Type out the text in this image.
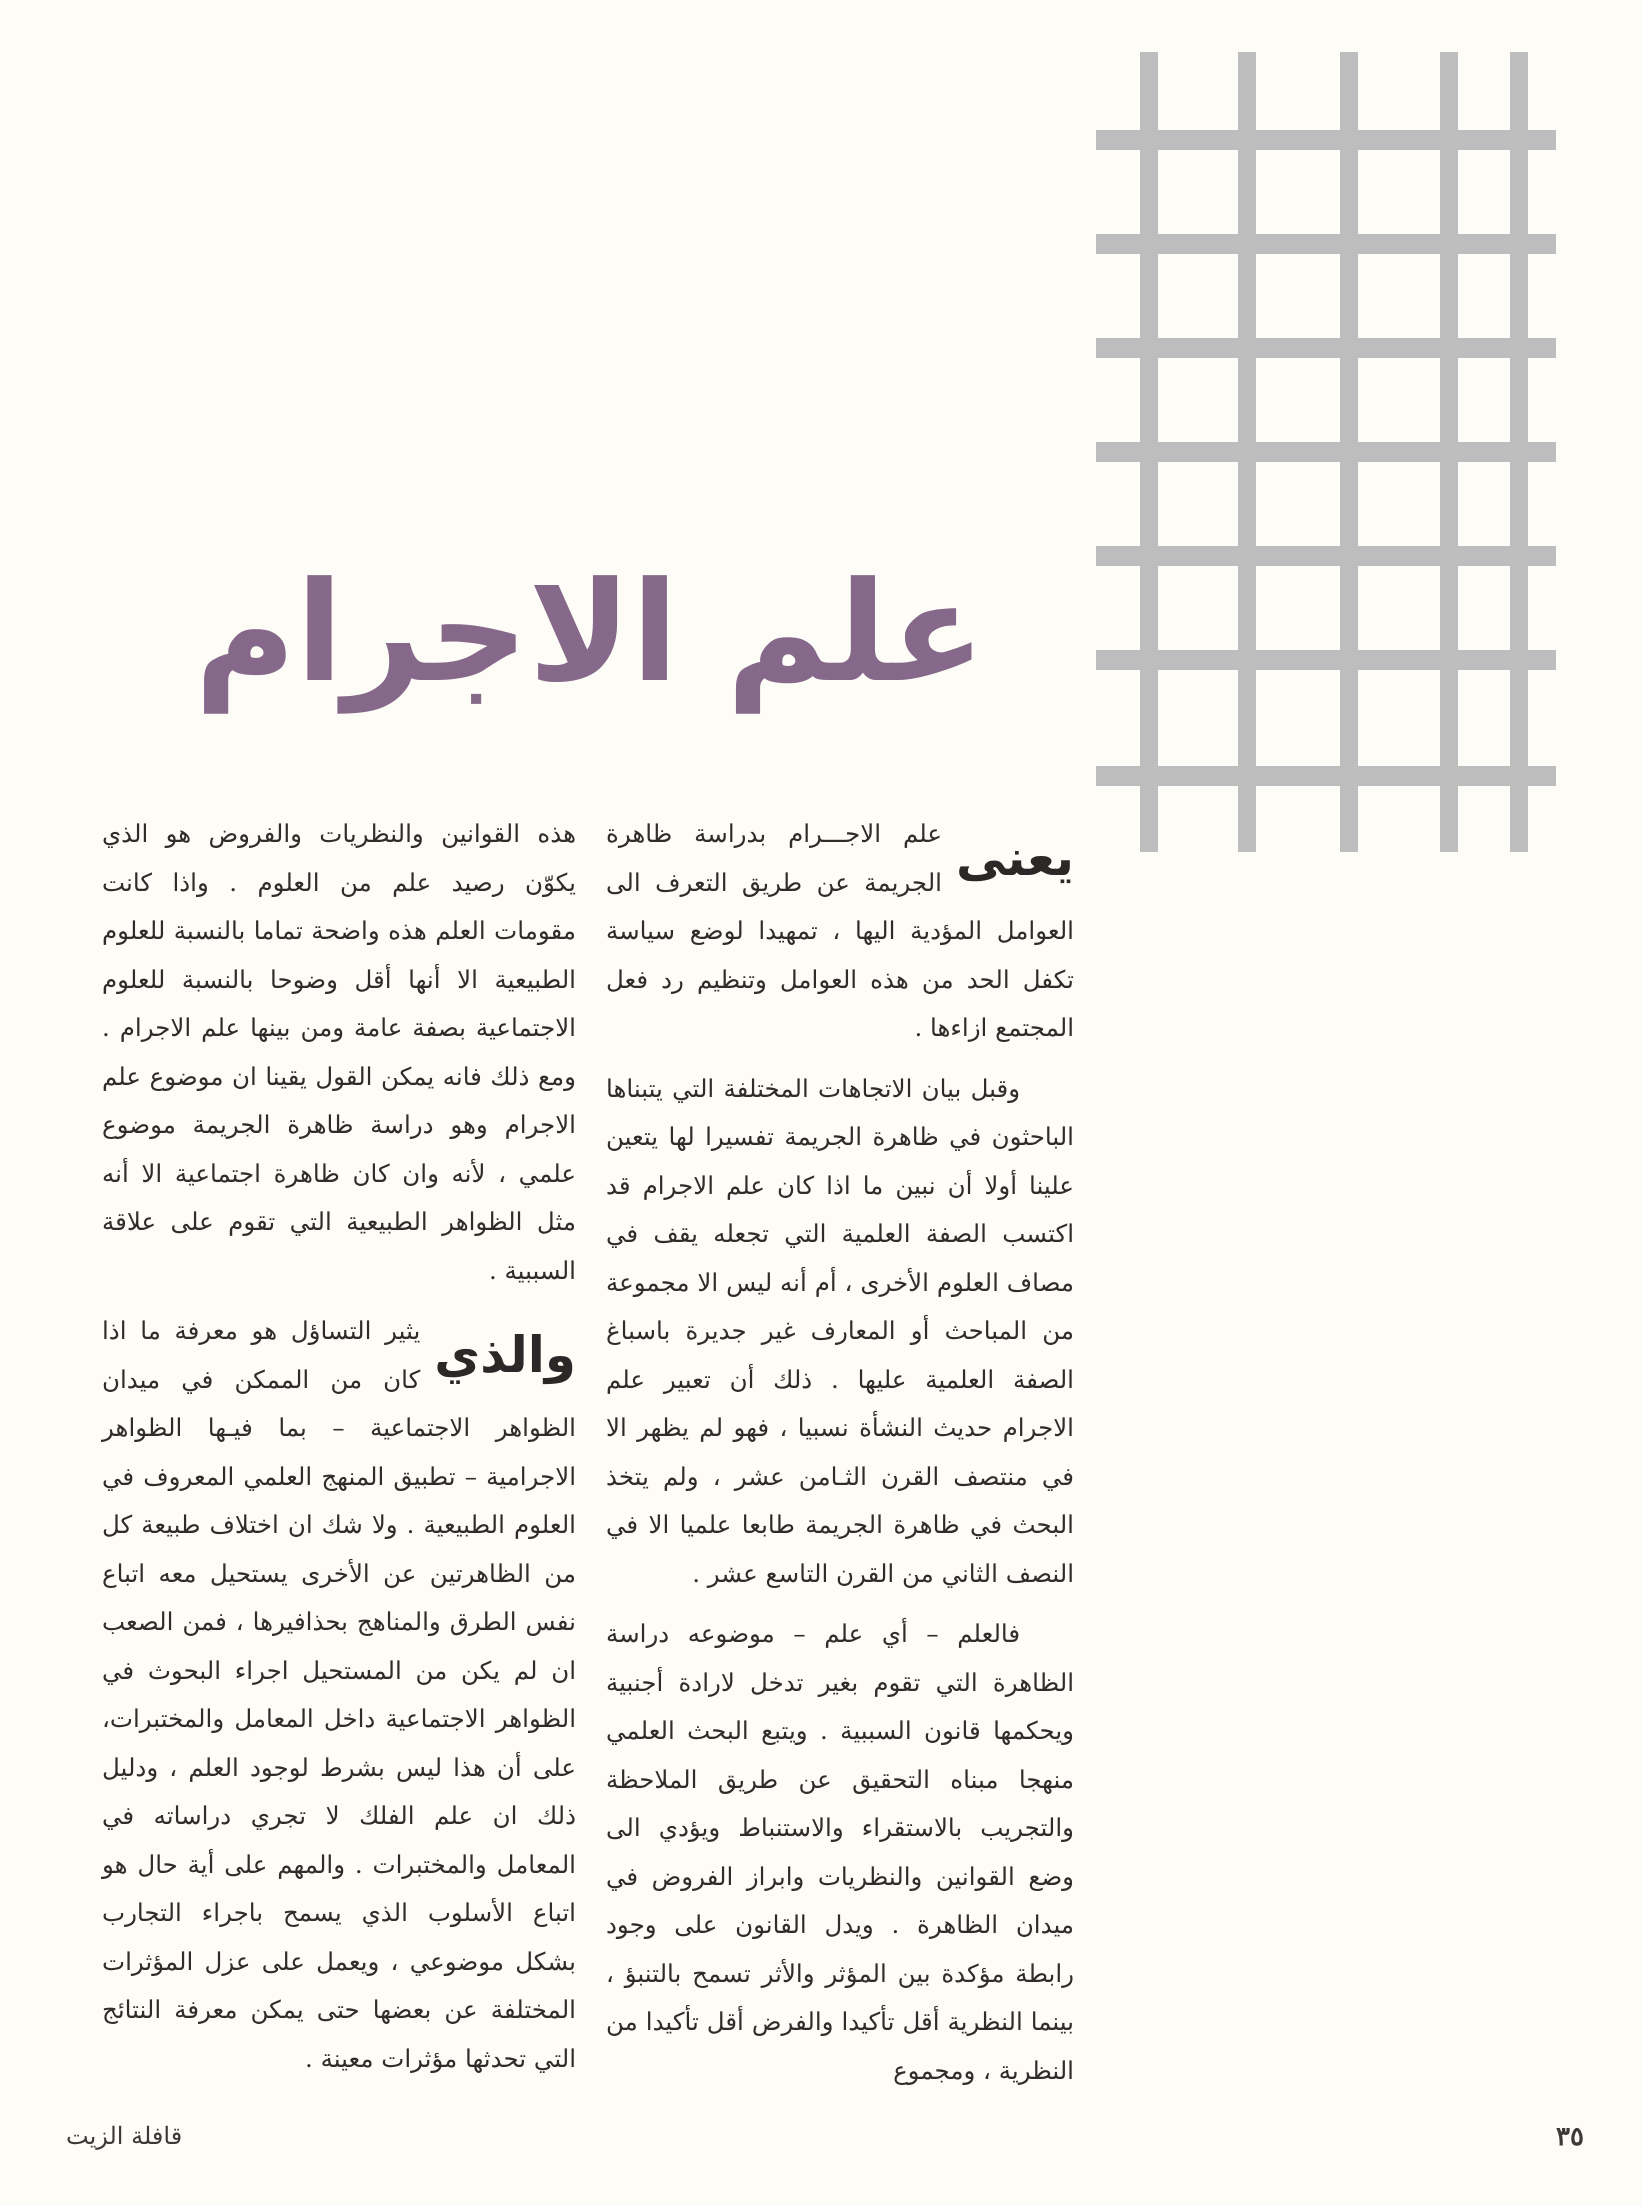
علم الاجرام

يعنى
علم الاجـــرام بدراسة ظاهرة الجريمة عن طريق التعرف الى العوامل المؤدية اليها ، تمهيدا لوضع سياسة تكفل الحد من هذه العوامل وتنظيم رد فعل المجتمع ازاءها .

وقبل بيان الاتجاهات المختلفة التي يتبناها الباحثون في ظاهرة الجريمة تفسيرا لها يتعين علينا أولا أن نبين ما اذا كان علم الاجرام قد اكتسب الصفة العلمية التي تجعله يقف في مصاف العلوم الأخرى ، أم أنه ليس الا مجموعة من المباحث أو المعارف غير جديرة باسباغ الصفة العلمية عليها . ذلك أن تعبير علم الاجرام حديث النشأة نسبيا ، فهو لم يظهر الا في منتصف القرن الثـامن عشر ، ولم يتخذ البحث في ظاهرة الجريمة طابعا علميا الا في النصف الثاني من القرن التاسع عشر .

فالعلم – أي علم – موضوعه دراسة الظاهرة التي تقوم بغير تدخل لارادة أجنبية ويحكمها قانون السببية . ويتبع البحث العلمي منهجا مبناه التحقيق عن طريق الملاحظة والتجريب بالاستقراء والاستنباط ويؤدي الى وضع القوانين والنظريات وابراز الفروض في ميدان الظاهرة . ويدل القانون على وجود رابطة مؤكدة بين المؤثر والأثر تسمح بالتنبؤ ، بينما النظرية أقل تأكيدا والفرض أقل تأكيدا من النظرية ، ومجموع

هذه القوانين والنظريات والفروض هو الذي يكوّن رصيد علم من العلوم . واذا كانت مقومات العلم هذه واضحة تماما بالنسبة للعلوم الطبيعية الا أنها أقل وضوحا بالنسبة للعلوم الاجتماعية بصفة عامة ومن بينها علم الاجرام . ومع ذلك فانه يمكن القول يقينا ان موضوع علم الاجرام وهو دراسة ظاهرة الجريمة موضوع علمي ، لأنه وان كان ظاهرة اجتماعية الا أنه مثل الظواهر الطبيعية التي تقوم على علاقة السببية .

والذي
يثير التساؤل هو معرفة ما اذا كان من الممكن في ميدان الظواهر الاجتماعية – بما فيـها الظواهر الاجرامية – تطبيق المنهج العلمي المعروف في العلوم الطبيعية . ولا شك ان اختلاف طبيعة كل من الظاهرتين عن الأخرى يستحيل معه اتباع نفس الطرق والمناهج بحذافيرها ، فمن الصعب ان لم يكن من المستحيل اجراء البحوث في الظواهر الاجتماعية داخل المعامل والمختبرات، على أن هذا ليس بشرط لوجود العلم ، ودليل ذلك ان علم الفلك لا تجري دراساته في المعامل والمختبرات . والمهم على أية حال هو اتباع الأسلوب الذي يسمح باجراء التجارب بشكل موضوعي ، ويعمل على عزل المؤثرات المختلفة عن بعضها حتى يمكن معرفة النتائج التي تحدثها مؤثرات معينة .

قافلة الزيت	٣٥
